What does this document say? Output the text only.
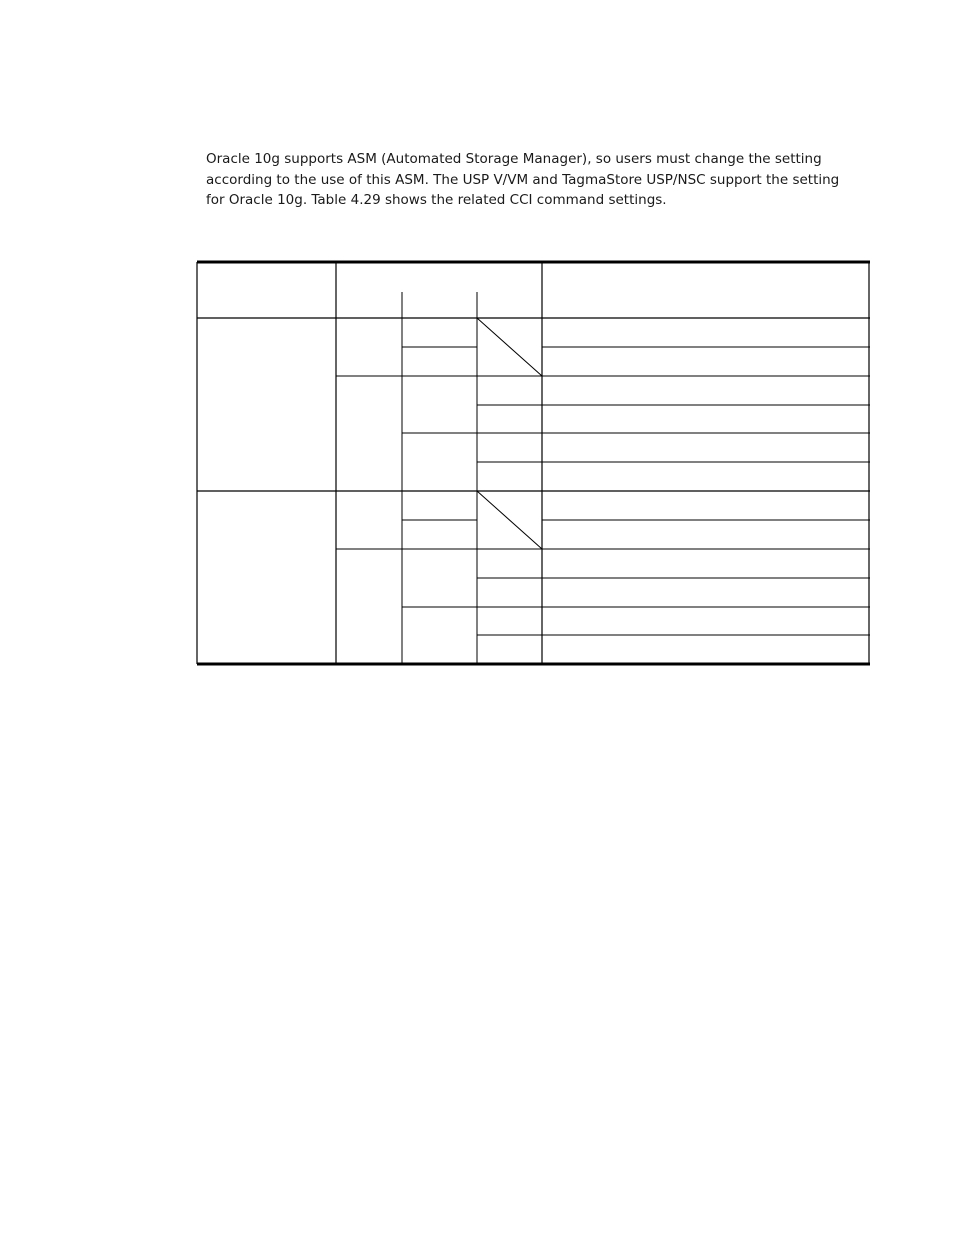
Oracle 10g supports ASM (Automated Storage Manager), so users must change the setting according to the use of this ASM. The USP V/VM and TagmaStore USP/NSC support the setting for Oracle 10g. Table 4.29 shows the related CCI command settings.
